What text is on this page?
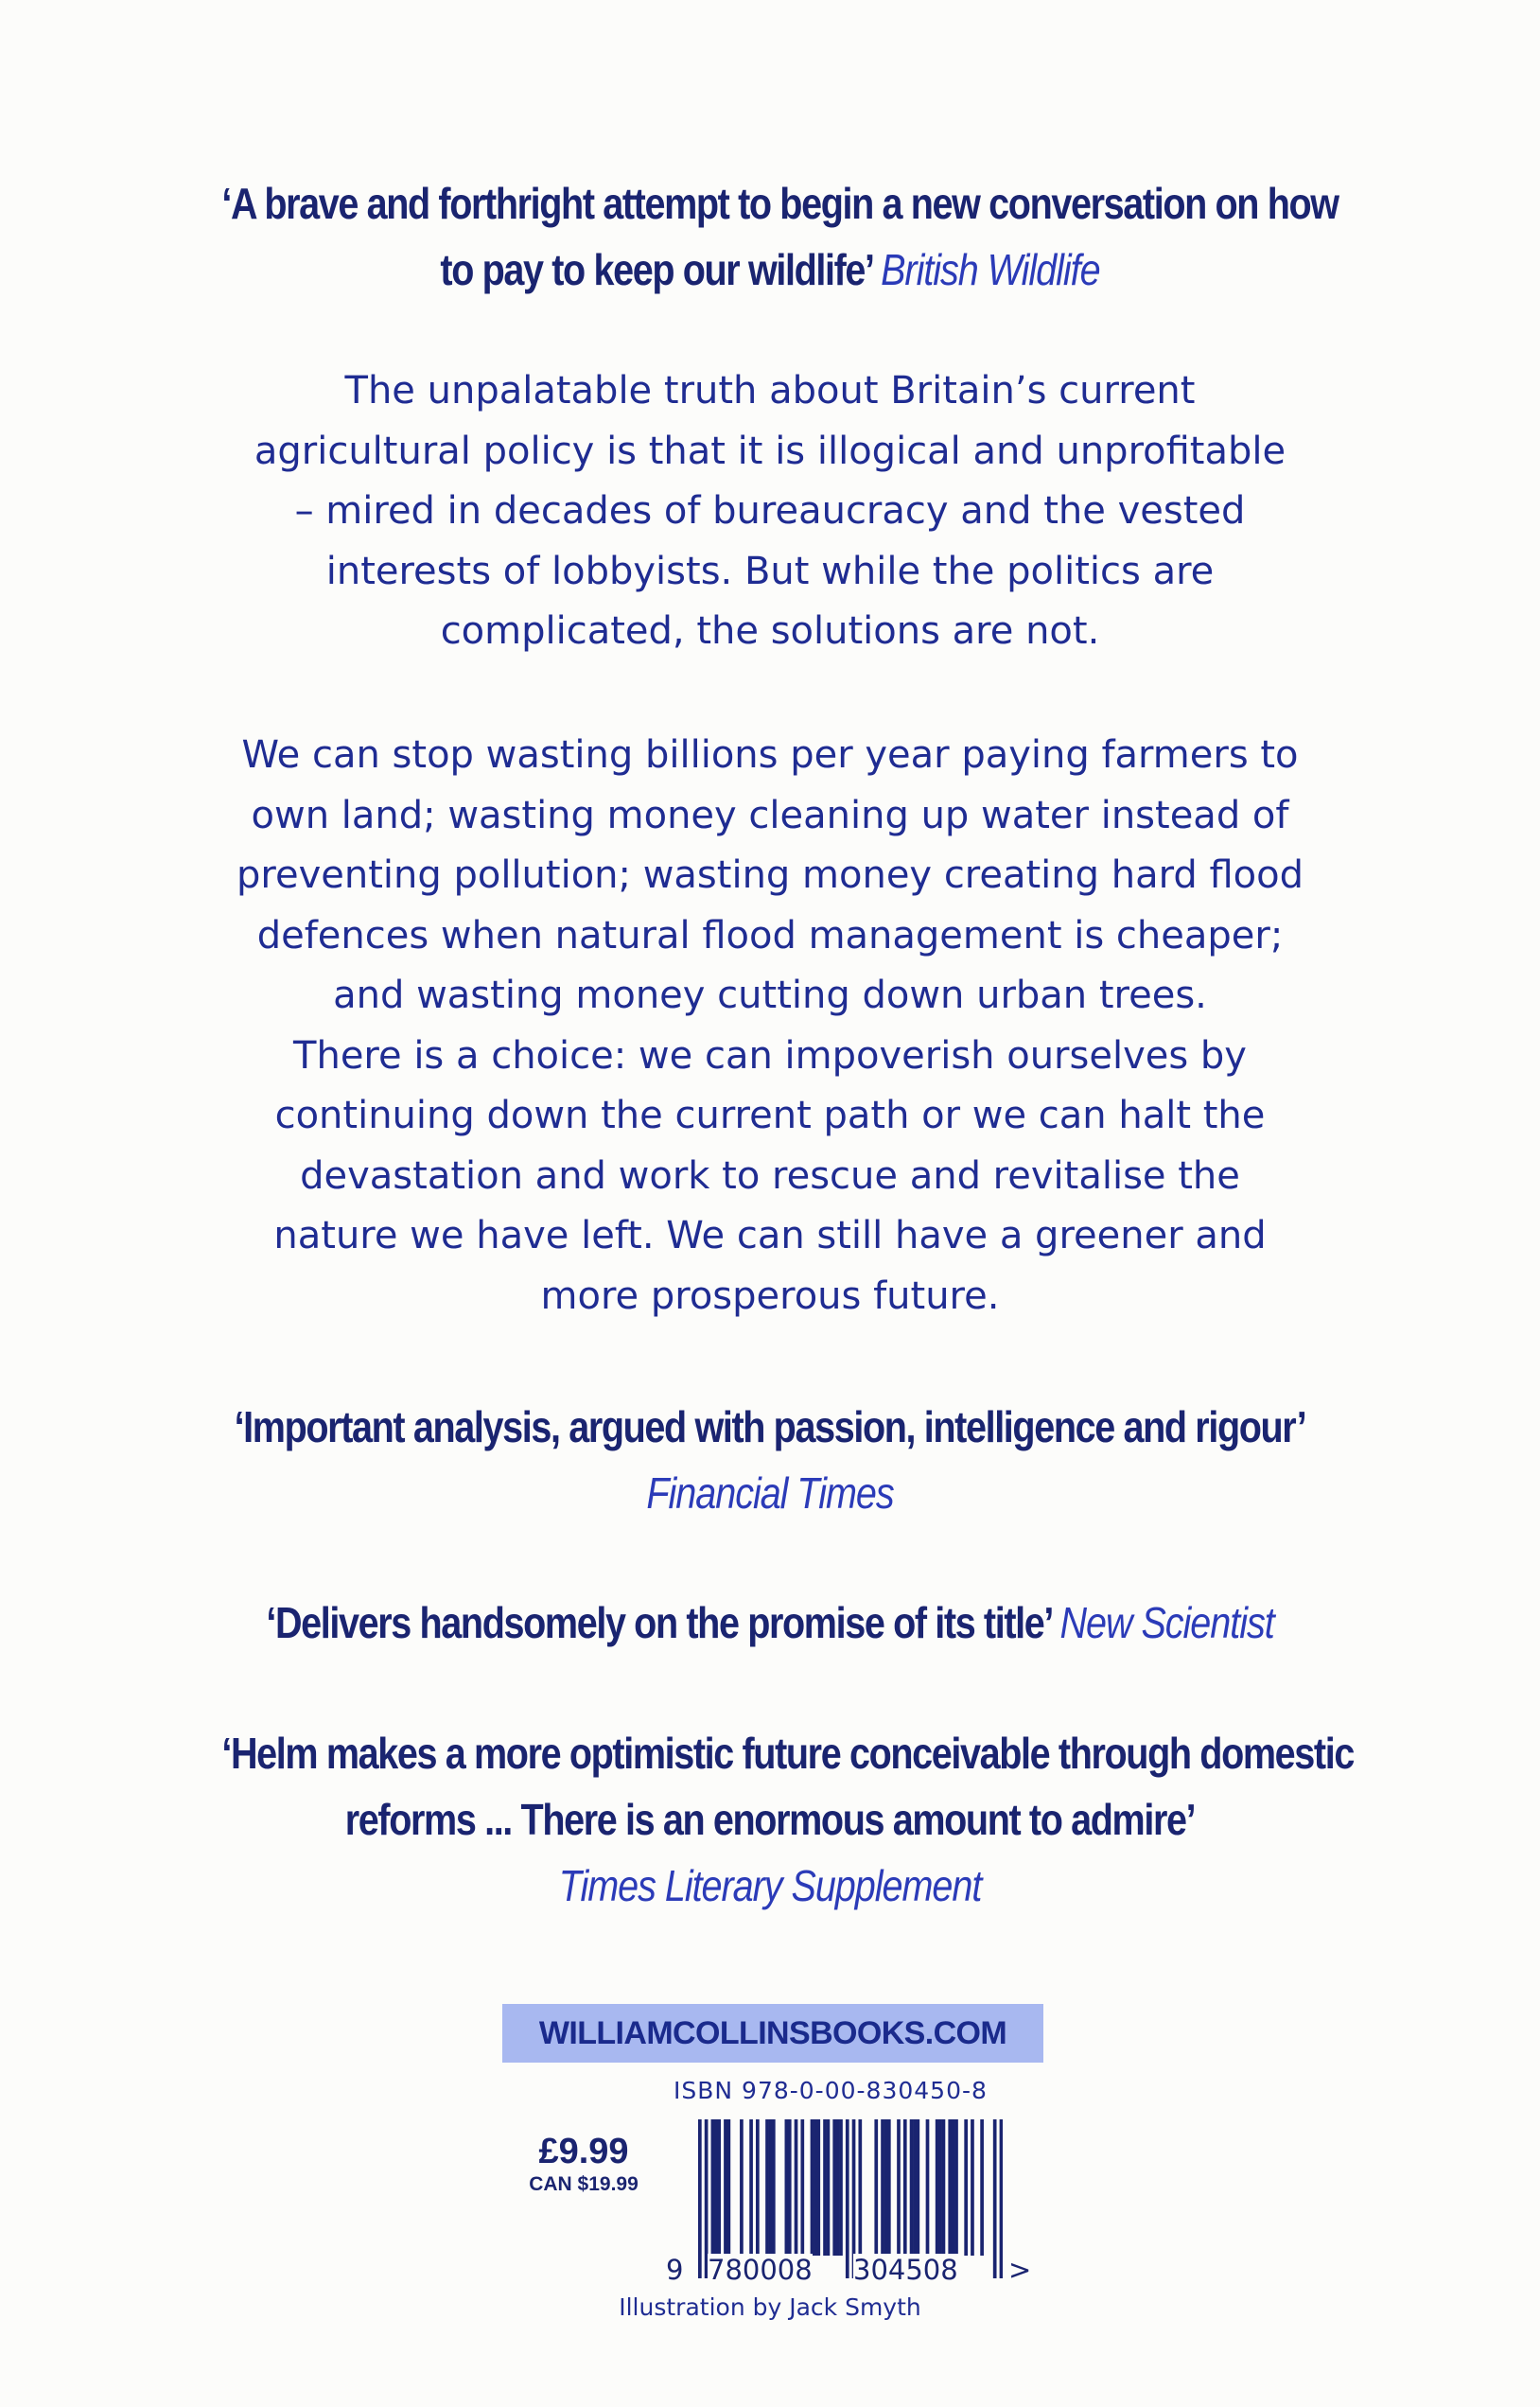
‘A brave and forthright attempt to begin a new conversation on how
to pay to keep our wildlife’ British Wildlife
The unpalatable truth about Britain’s current
agricultural policy is that it is illogical and unprofitable
– mired in decades of bureaucracy and the vested
interests of lobbyists. But while the politics are
complicated, the solutions are not.
We can stop wasting billions per year paying farmers to
own land; wasting money cleaning up water instead of
preventing pollution; wasting money creating hard flood
defences when natural flood management is cheaper;
and wasting money cutting down urban trees.
There is a choice: we can impoverish ourselves by
continuing down the current path or we can halt the
devastation and work to rescue and revitalise the
nature we have left. We can still have a greener and
more prosperous future.
‘Important analysis, argued with passion, intelligence and rigour’
Financial Times
‘Delivers handsomely on the promise of its title’ New Scientist
‘Helm makes a more optimistic future conceivable through domestic
reforms ... There is an enormous amount to admire’
Times Literary Supplement
WILLIAMCOLLINSBOOKS.COM
ISBN 978-0-00-830450-8
£9.99
CAN $19.99
9 780008 304508 >
Illustration by Jack Smyth
